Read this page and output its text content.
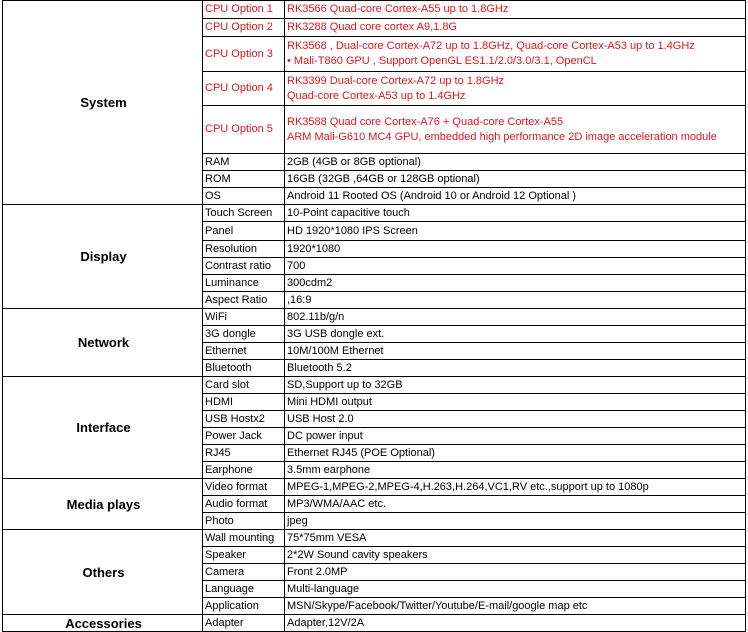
System	CPU Option 1	RK3566 Quad-core Cortex-A55 up to 1.8GHz

	CPU Option 2	RK3288 Quad core cortex A9,1.8G

	CPU Option 3	RK3568 , Dual-core Cortex-A72 up to 1.8GHz, Quad-core Cortex-A53 up to 1.4GHz
• Mali-T860 GPU , Support OpenGL ES1.1/2.0/3.0/3.1, OpenCL

	CPU Option 4	RK3399 Dual-core Cortex-A72 up to 1.8GHz
Quad-core Cortex-A53 up to 1.4GHz

	CPU Option 5	RK3588 Quad core Cortex-A76 + Quad-core Cortex-A55
ARM Mali-G610 MC4 GPU, embedded high performance 2D image acceleration module

	RAM	2GB (4GB or 8GB optional)
	ROM	16GB (32GB ,64GB or 128GB optional)
	OS	Android 11 Rooted OS (Android 10 or Android 12 Optional )
Display	Touch Screen	10-Point capacitive touch
	Panel	HD 1920*1080 IPS Screen
	Resolution	1920*1080
	Contrast ratio	700
	Luminance	300cdm2
	Aspect Ratio	,16:9
Network	WiFi	802.11b/g/n
	3G dongle	3G USB dongle ext.
	Ethernet	10M/100M Ethernet
	Bluetooth	Bluetooth 5.2
Interface	Card slot	SD,Support up to 32GB
	HDMI	Mini HDMI output
	USB Hostx2	USB Host 2.0
	Power Jack	DC power input
	RJ45	Ethernet RJ45 (POE Optional)
	Earphone	3.5mm earphone
Media plays	Video format	MPEG-1,MPEG-2,MPEG-4,H.263,H.264,VC1,RV etc.,support up to 1080p
	Audio format	MP3/WMA/AAC etc.
	Photo	jpeg
Others	Wall mounting	75*75mm VESA
	Speaker	2*2W Sound cavity speakers
	Camera	Front 2.0MP
	Language	Multi-language
	Application	MSN/Skype/Facebook/Twitter/Youtube/E-mail/google map etc
Accessories	Adapter	Adapter,12V/2A
